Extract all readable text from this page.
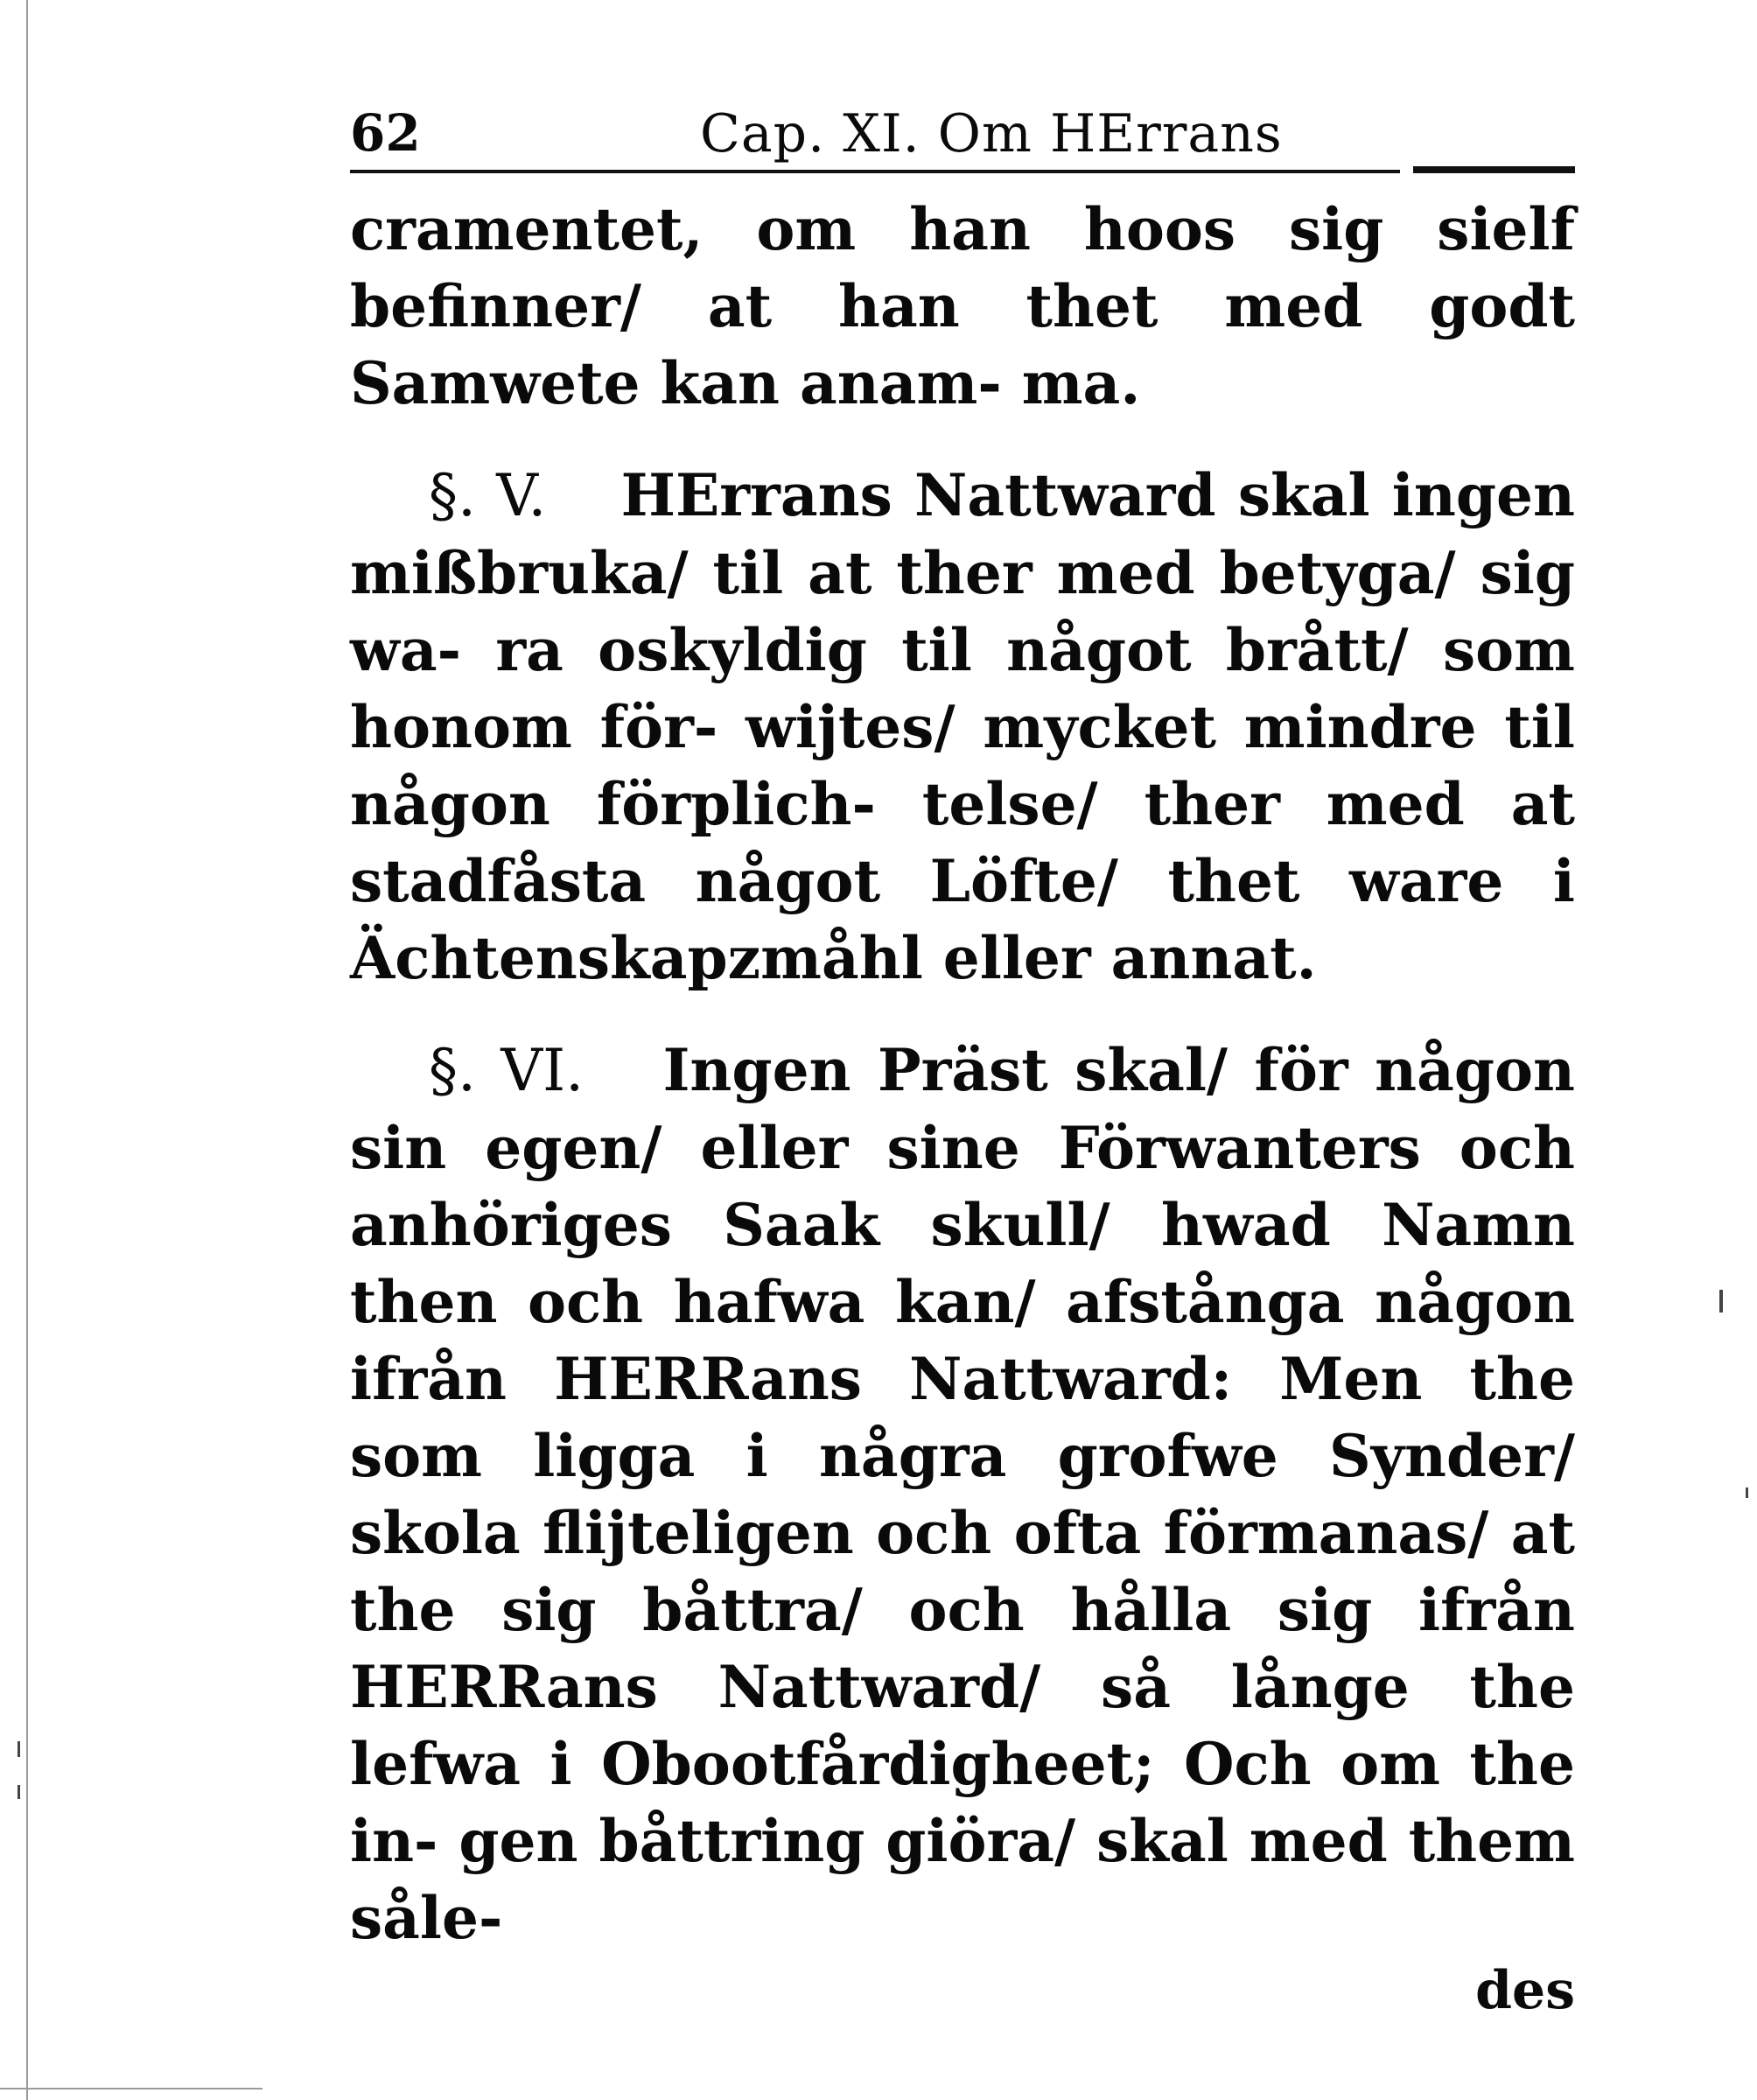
62	Cap. XI. Om HErrans

cramentet, om han hoos sig sielf befinner/ at han thet med godt Samwete kan anam- ma.

§. V. HErrans Nattward skal ingen mißbruka/ til at ther med betyga/ sig wa- ra oskyldig til något brått/ som honom för- wijtes/ mycket mindre til någon förplich- telse/ ther med at stadfåsta något Löfte/ thet ware i Ächtenskapzmåhl eller annat.

§. VI. Ingen Präst skal/ för någon sin egen/ eller sine Förwanters och anhöriges Saak skull/ hwad Namn then och hafwa kan/ afstånga någon ifrån HERRans Nattward: Men the som ligga i några grofwe Synder/ skola flijteligen och ofta förmanas/ at the sig båttra/ och hålla sig ifrån HERRans Nattward/ så långe the lefwa i Obootfårdigheet; Och om the in- gen båttring giöra/ skal med them såle-

des
